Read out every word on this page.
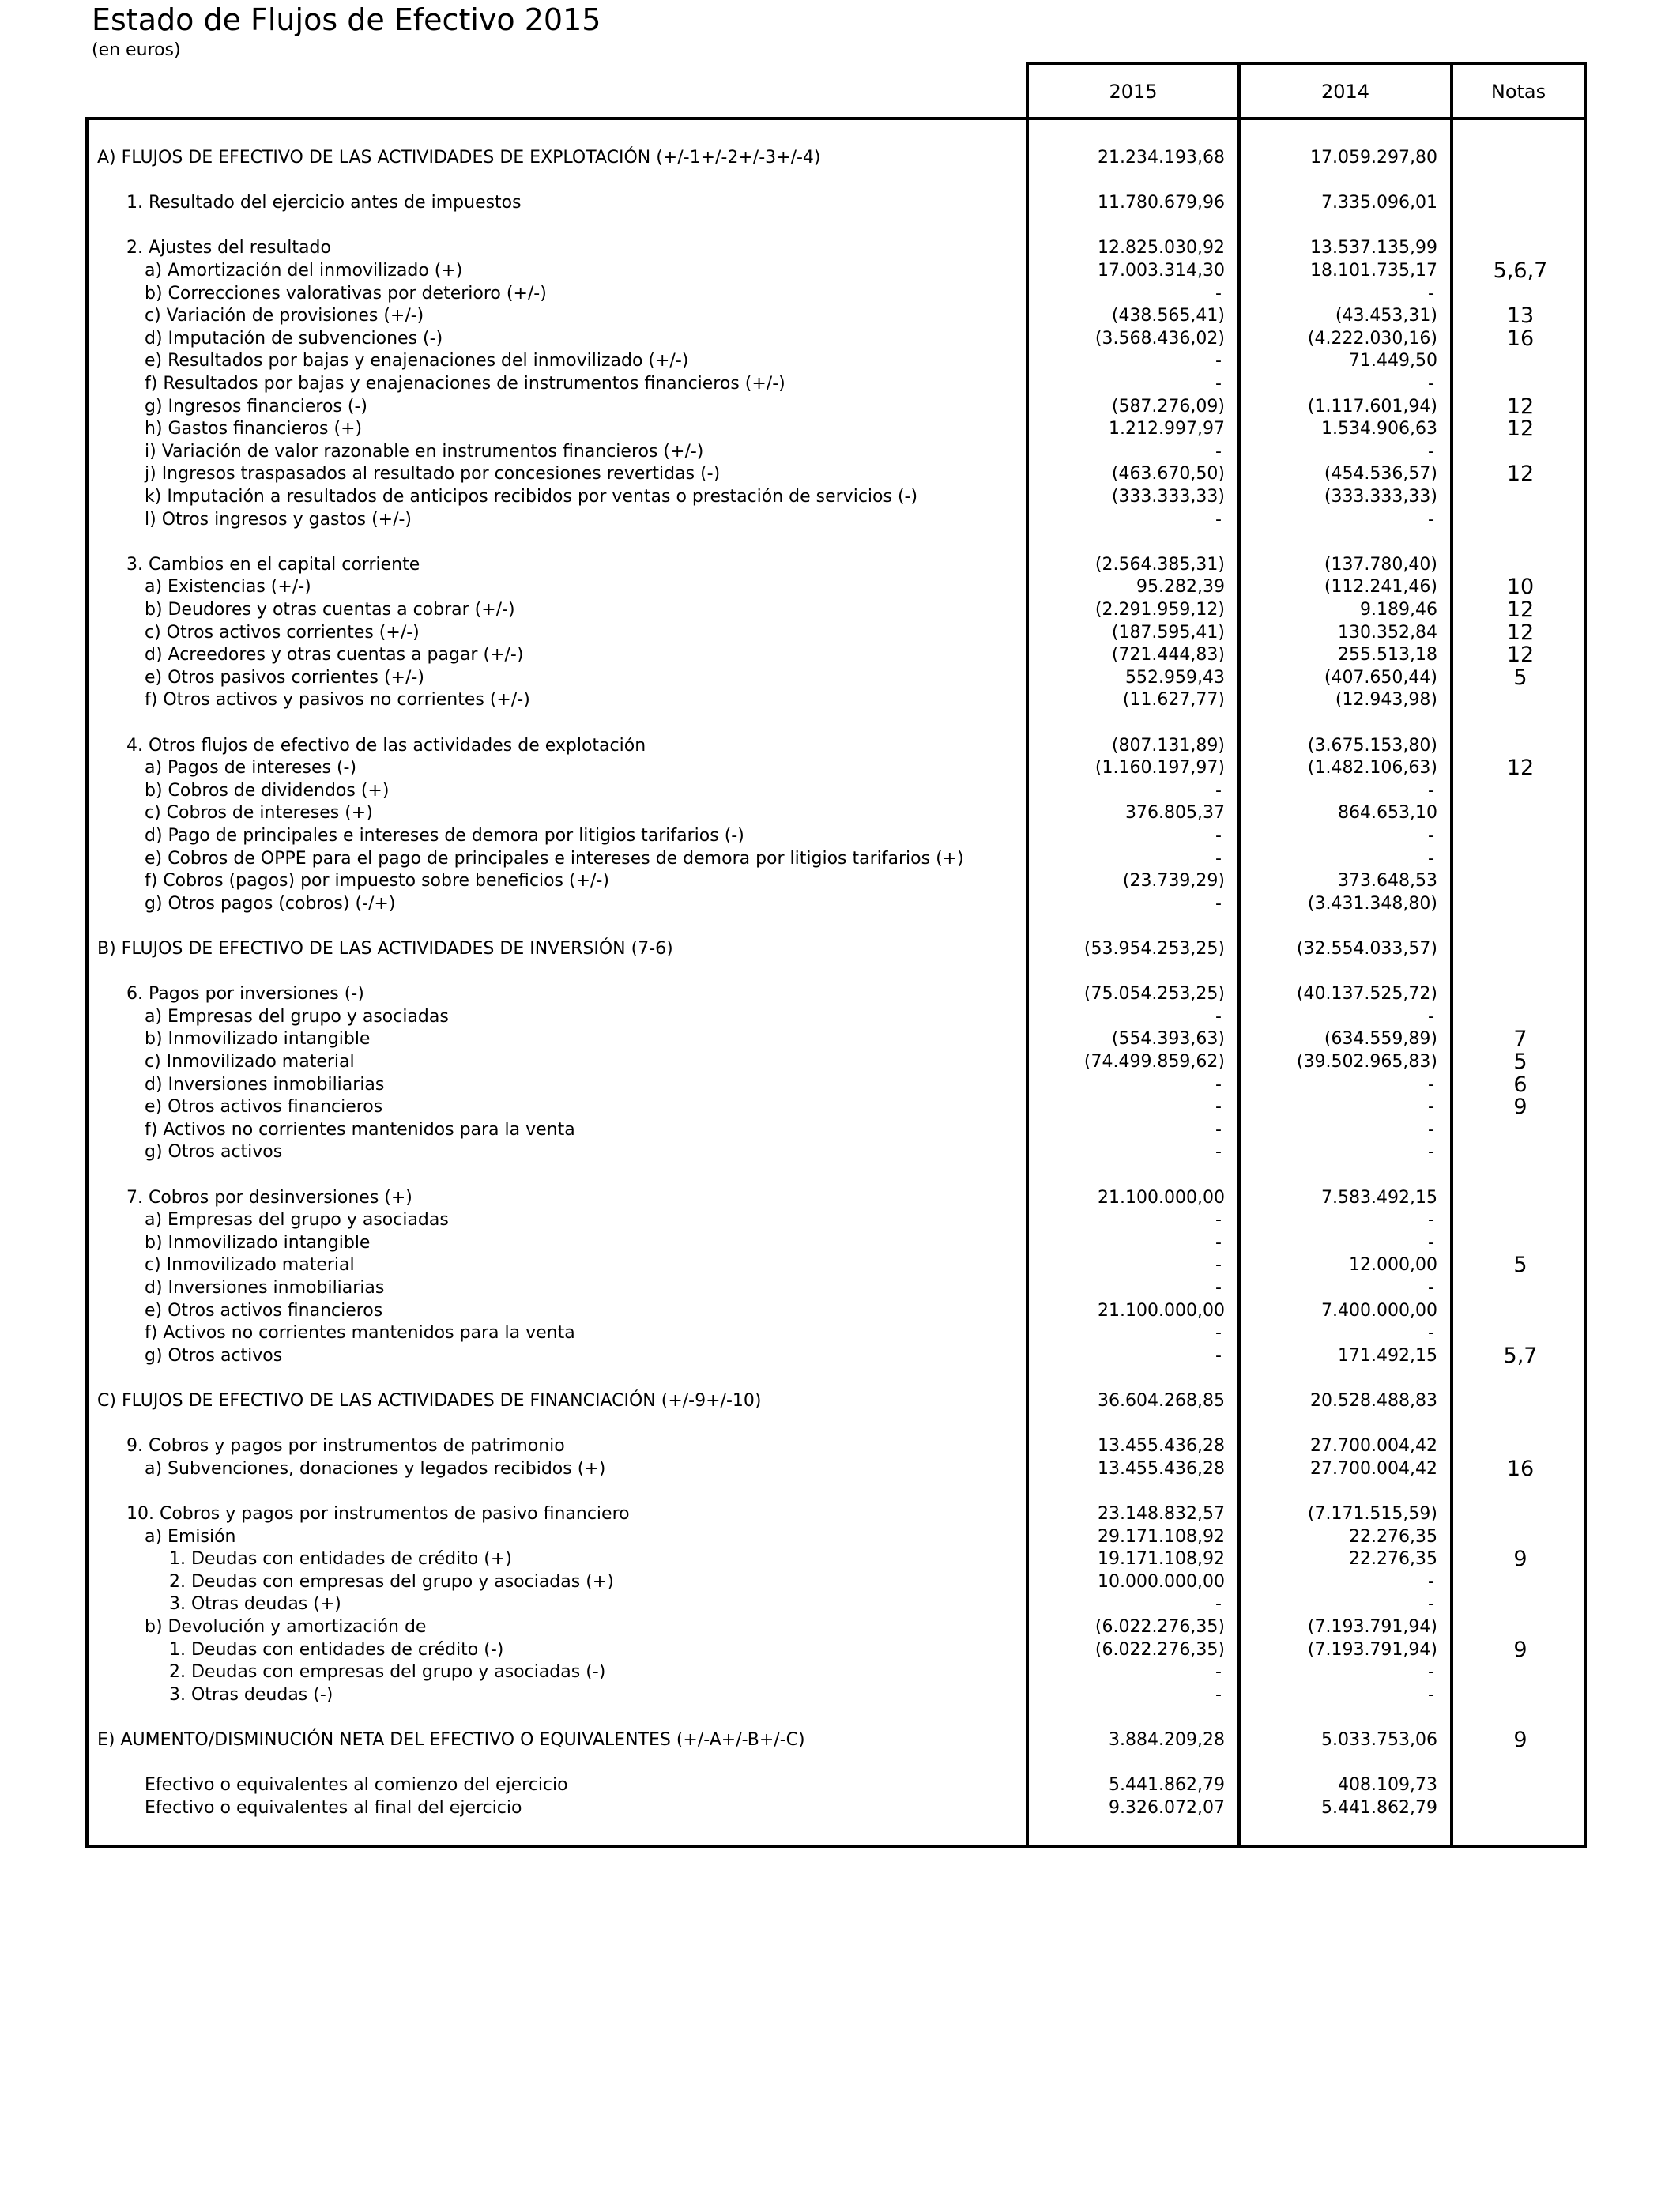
Estado de Flujos de Efectivo 2015
(en euros)
2015	2014	Notas
A) FLUJOS DE EFECTIVO DE LAS ACTIVIDADES DE EXPLOTACIÓN (+/-1+/-2+/-3+/-4)	21.234.193,68	17.059.297,80
1. Resultado del ejercicio antes de impuestos	11.780.679,96	7.335.096,01
2. Ajustes del resultado	12.825.030,92	13.537.135,99
a) Amortización del inmovilizado (+)	17.003.314,30	18.101.735,17	5,6,7
b) Correcciones valorativas por deterioro (+/-)	-	-
c) Variación de provisiones (+/-)	(438.565,41)	(43.453,31)	13
d) Imputación de subvenciones (-)	(3.568.436,02)	(4.222.030,16)	16
e) Resultados por bajas y enajenaciones del inmovilizado (+/-)	-	71.449,50
f) Resultados por bajas y enajenaciones de instrumentos financieros (+/-)	-	-
g) Ingresos financieros (-)	(587.276,09)	(1.117.601,94)	12
h) Gastos financieros (+)	1.212.997,97	1.534.906,63	12
i) Variación de valor razonable en instrumentos financieros (+/-)	-	-
j) Ingresos traspasados al resultado por concesiones revertidas (-)	(463.670,50)	(454.536,57)	12
k) Imputación a resultados de anticipos recibidos por ventas o prestación de servicios (-)	(333.333,33)	(333.333,33)
l) Otros ingresos y gastos (+/-)	-	-
3. Cambios en el capital corriente	(2.564.385,31)	(137.780,40)
a) Existencias (+/-)	95.282,39	(112.241,46)	10
b) Deudores y otras cuentas a cobrar (+/-)	(2.291.959,12)	9.189,46	12
c) Otros activos corrientes (+/-)	(187.595,41)	130.352,84	12
d) Acreedores y otras cuentas a pagar (+/-)	(721.444,83)	255.513,18	12
e) Otros pasivos corrientes (+/-)	552.959,43	(407.650,44)	5
f) Otros activos y pasivos no corrientes (+/-)	(11.627,77)	(12.943,98)
4. Otros flujos de efectivo de las actividades de explotación	(807.131,89)	(3.675.153,80)
a) Pagos de intereses (-)	(1.160.197,97)	(1.482.106,63)	12
b) Cobros de dividendos (+)	-	-
c) Cobros de intereses (+)	376.805,37	864.653,10
d) Pago de principales e intereses de demora por litigios tarifarios (-)	-	-
e) Cobros de OPPE para el pago de principales e intereses de demora por litigios tarifarios (+)	-	-
f) Cobros (pagos) por impuesto sobre beneficios (+/-)	(23.739,29)	373.648,53
g) Otros pagos (cobros) (-/+)	-	(3.431.348,80)
B) FLUJOS DE EFECTIVO DE LAS ACTIVIDADES DE INVERSIÓN (7-6)	(53.954.253,25)	(32.554.033,57)
6. Pagos por inversiones (-)	(75.054.253,25)	(40.137.525,72)
a) Empresas del grupo y asociadas	-	-
b) Inmovilizado intangible	(554.393,63)	(634.559,89)	7
c) Inmovilizado material	(74.499.859,62)	(39.502.965,83)	5
d) Inversiones inmobiliarias	-	-	6
e) Otros activos financieros	-	-	9
f) Activos no corrientes mantenidos para la venta	-	-
g) Otros activos	-	-
7. Cobros por desinversiones (+)	21.100.000,00	7.583.492,15
a) Empresas del grupo y asociadas	-	-
b) Inmovilizado intangible	-	-
c) Inmovilizado material	-	12.000,00	5
d) Inversiones inmobiliarias	-	-
e) Otros activos financieros	21.100.000,00	7.400.000,00
f) Activos no corrientes mantenidos para la venta	-	-
g) Otros activos	-	171.492,15	5,7
C) FLUJOS DE EFECTIVO DE LAS ACTIVIDADES DE FINANCIACIÓN (+/-9+/-10)	36.604.268,85	20.528.488,83
9. Cobros y pagos por instrumentos de patrimonio	13.455.436,28	27.700.004,42
a) Subvenciones, donaciones y legados recibidos (+)	13.455.436,28	27.700.004,42	16
10. Cobros y pagos por instrumentos de pasivo financiero	23.148.832,57	(7.171.515,59)
a) Emisión	29.171.108,92	22.276,35
1. Deudas con entidades de crédito (+)	19.171.108,92	22.276,35	9
2. Deudas con empresas del grupo y asociadas (+)	10.000.000,00	-
3. Otras deudas (+)	-	-
b) Devolución y amortización de	(6.022.276,35)	(7.193.791,94)
1. Deudas con entidades de crédito (-)	(6.022.276,35)	(7.193.791,94)	9
2. Deudas con empresas del grupo y asociadas (-)	-	-
3. Otras deudas (-)	-	-
E) AUMENTO/DISMINUCIÓN NETA DEL EFECTIVO O EQUIVALENTES (+/-A+/-B+/-C)	3.884.209,28	5.033.753,06	9
Efectivo o equivalentes al comienzo del ejercicio	5.441.862,79	408.109,73
Efectivo o equivalentes al final del ejercicio	9.326.072,07	5.441.862,79
